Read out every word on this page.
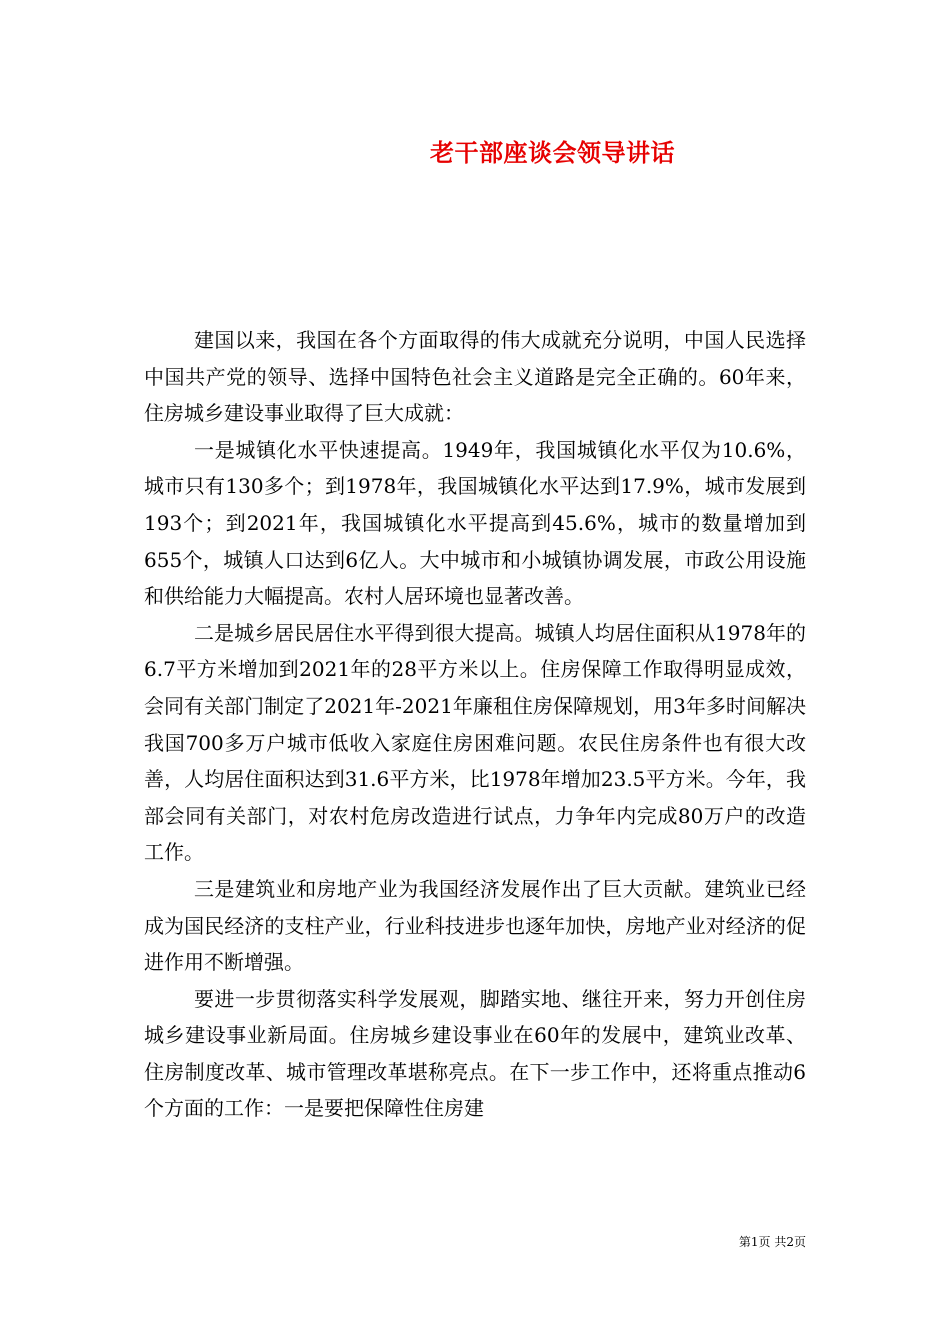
老干部座谈会领导讲话

建国以来，我国在各个方面取得的伟大成就充分说明，中国人民选择中国共产党的领导、选择中国特色社会主义道路是完全正确的。60年来，住房城乡建设事业取得了巨大成就：

一是城镇化水平快速提高。1949年，我国城镇化水平仅为10.6%，城市只有130多个；到1978年，我国城镇化水平达到17.9%，城市发展到193个；到2021年，我国城镇化水平提高到45.6%，城市的数量增加到655个，城镇人口达到6亿人。大中城市和小城镇协调发展，市政公用设施和供给能力大幅提高。农村人居环境也显著改善。

二是城乡居民居住水平得到很大提高。城镇人均居住面积从1978年的6.7平方米增加到2021年的28平方米以上。住房保障工作取得明显成效，会同有关部门制定了2021年-2021年廉租住房保障规划，用3年多时间解决我国700多万户城市低收入家庭住房困难问题。农民住房条件也有很大改善，人均居住面积达到31.6平方米，比1978年增加23.5平方米。今年，我部会同有关部门，对农村危房改造进行试点，力争年内完成80万户的改造工作。

三是建筑业和房地产业为我国经济发展作出了巨大贡献。建筑业已经成为国民经济的支柱产业，行业科技进步也逐年加快，房地产业对经济的促进作用不断增强。

要进一步贯彻落实科学发展观，脚踏实地、继往开来，努力开创住房城乡建设事业新局面。住房城乡建设事业在60年的发展中，建筑业改革、住房制度改革、城市管理改革堪称亮点。在下一步工作中，还将重点推动6个方面的工作：一是要把保障性住房建

第1页 共2页
